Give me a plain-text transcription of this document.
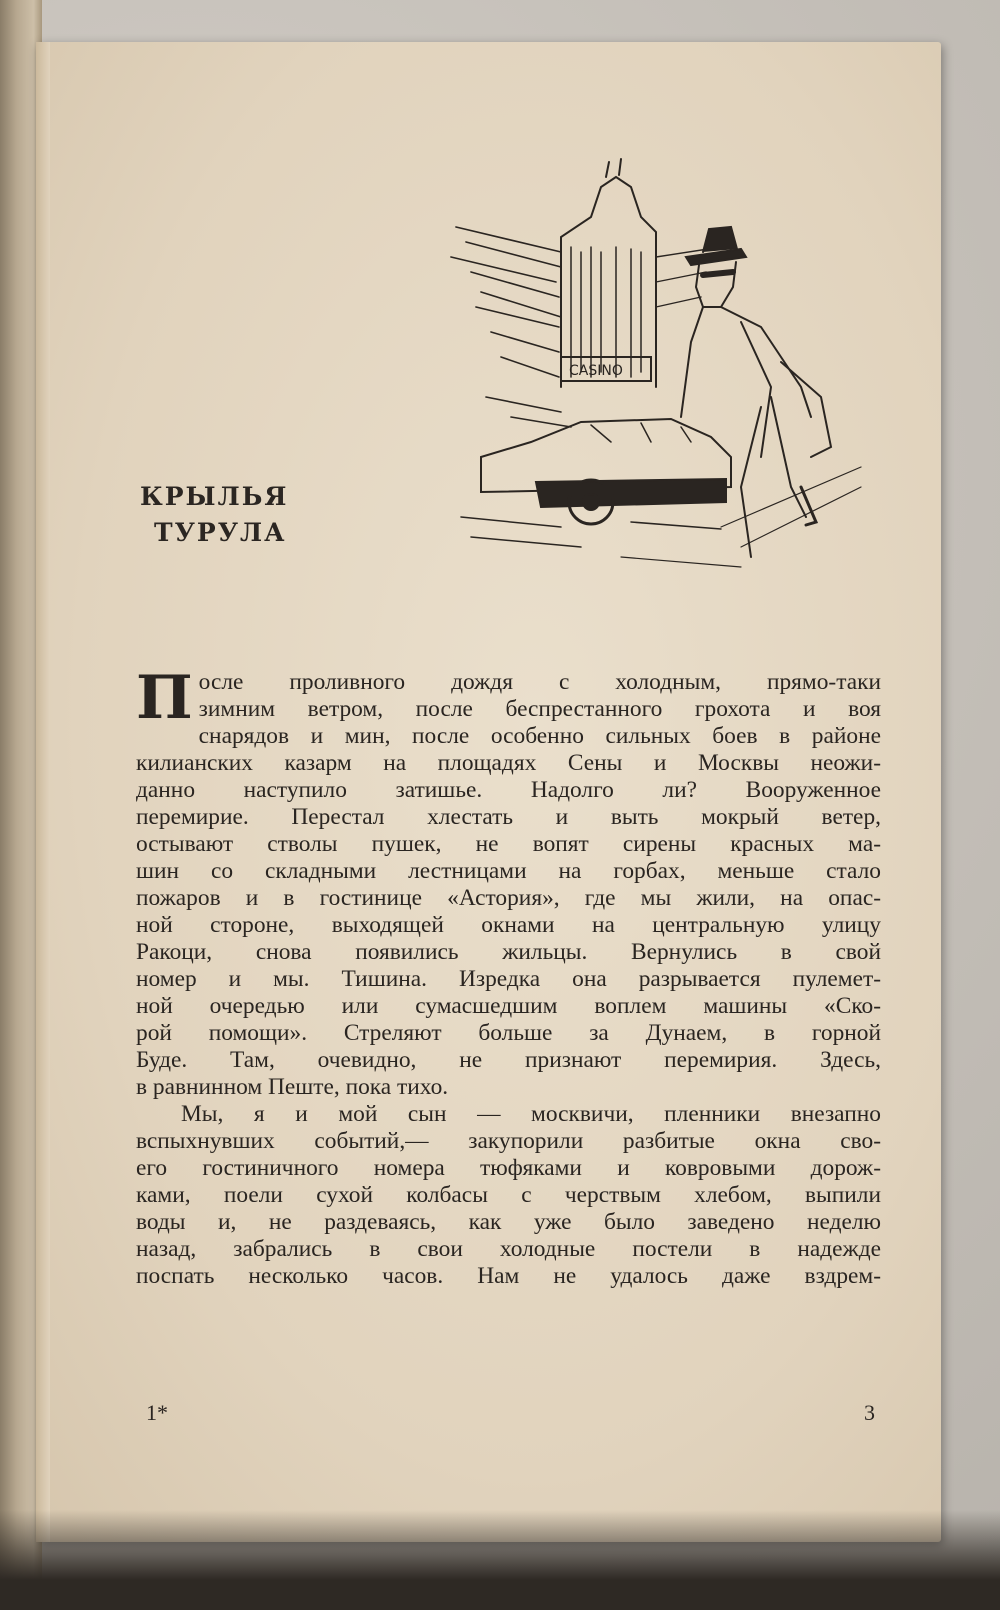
CASINO
КРЫЛЬЯ
ТУРУЛА
П осле проливного дождя с холодным, прямо-таки
зимним ветром, после беспрестанного грохота и воя
снарядов и мин, после особенно сильных боев в районе
килианских казарм на площадях Сены и Москвы неожи-
данно наступило затишье. Надолго ли? Вооруженное
перемирие. Перестал хлестать и выть мокрый ветер,
остывают стволы пушек, не вопят сирены красных ма-
шин со складными лестницами на горбах, меньше стало
пожаров и в гостинице «Астория», где мы жили, на опас-
ной стороне, выходящей окнами на центральную улицу
Ракоци, снова появились жильцы. Вернулись в свой
номер и мы. Тишина. Изредка она разрывается пулемет-
ной очередью или сумасшедшим воплем машины «Ско-
рой помощи». Стреляют больше за Дунаем, в горной
Буде. Там, очевидно, не признают перемирия. Здесь,
в равнинном Пеште, пока тихо.
Мы, я и мой сын — москвичи, пленники внезапно
вспыхнувших событий,— закупорили разбитые окна сво-
его гостиничного номера тюфяками и ковровыми дорож-
ками, поели сухой колбасы с черствым хлебом, выпили
воды и, не раздеваясь, как уже было заведено неделю
назад, забрались в свои холодные постели в надежде
поспать несколько часов. Нам не удалось даже вздрем-
1*	3
